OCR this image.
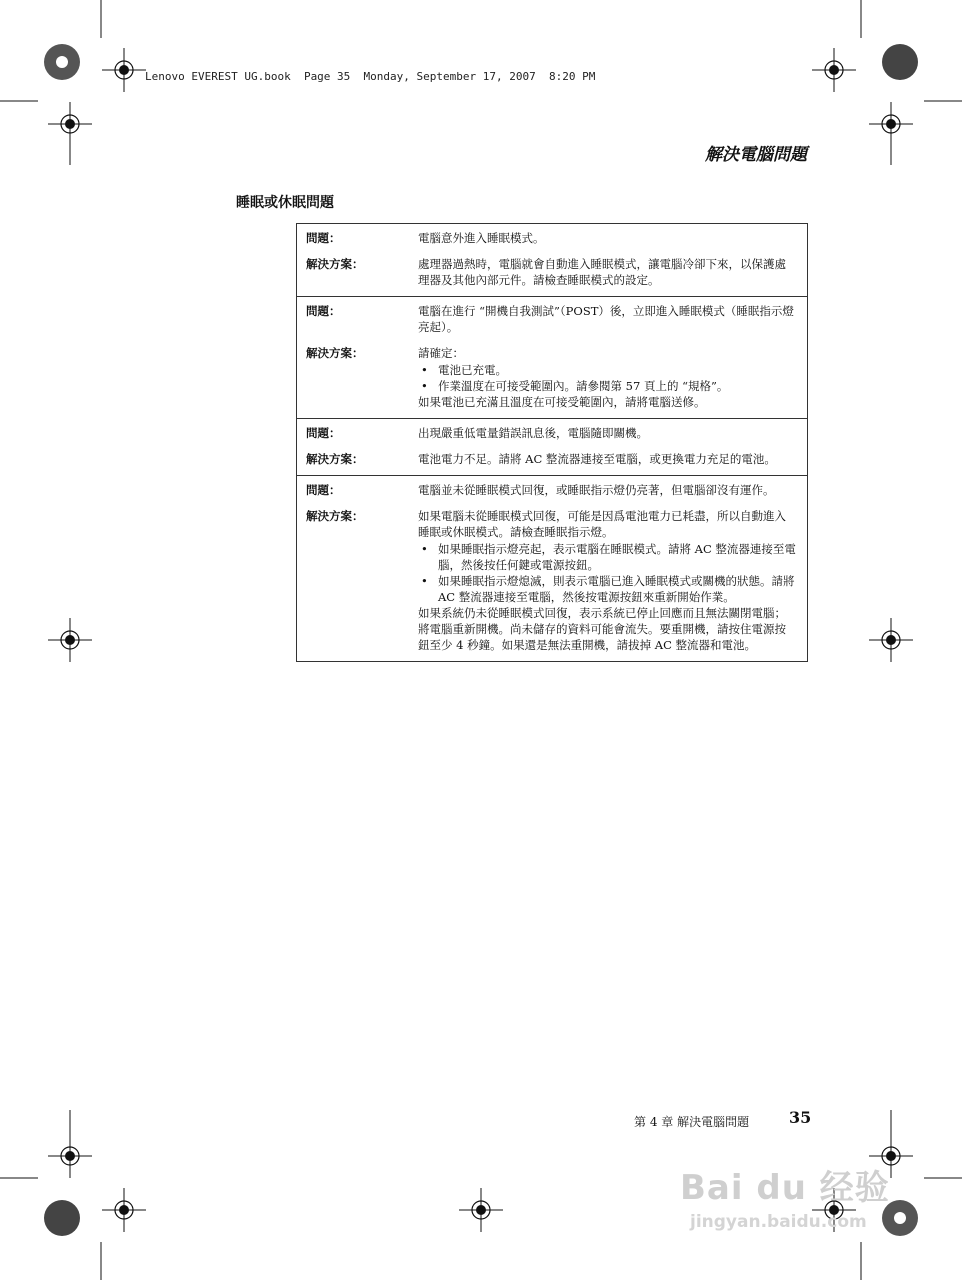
Lenovo EVEREST UG.book  Page 35  Monday, September 17, 2007  8:20 PM
解決電腦問題
睡眠或休眠問題
問題：	電腦意外進入睡眠模式。
解決方案：	處理器過熱時，電腦就會自動進入睡眠模式，讓電腦冷卻下來，以保護處理器及其他內部元件。請檢查睡眠模式的設定。
問題：	電腦在進行 “開機自我測試”（POST）後，立即進入睡眠模式（睡眠指示燈亮起）。
解決方案：	請確定：

• 電池已充電。
• 作業溫度在可接受範圍內。請參閱第 57 頁上的 “規格”。

如果電池已充滿且溫度在可接受範圍內，請將電腦送修。

問題：	出現嚴重低電量錯誤訊息後，電腦隨即關機。
解決方案：	電池電力不足。請將 AC 整流器連接至電腦，或更換電力充足的電池。
問題：	電腦並未從睡眠模式回復，或睡眠指示燈仍亮著，但電腦卻沒有運作。
解決方案：	如果電腦未從睡眠模式回復，可能是因爲電池電力已耗盡，所以自動進入睡眠或休眠模式。請檢查睡眠指示燈。

• 如果睡眠指示燈亮起，表示電腦在睡眠模式。請將 AC 整流器連接至電腦，然後按任何鍵或電源按鈕。
• 如果睡眠指示燈熄滅，則表示電腦已進入睡眠模式或關機的狀態。請將 AC 整流器連接至電腦，然後按電源按鈕來重新開始作業。

如果系統仍未從睡眠模式回復，表示系統已停止回應而且無法關閉電腦；將電腦重新開機。尚未儲存的資料可能會流失。要重開機，請按住電源按鈕至少 4 秒鐘。如果還是無法重開機，請拔掉 AC 整流器和電池。

第 4 章 解決電腦問題 35
Bai du 经验
jingyan.baidu.com
